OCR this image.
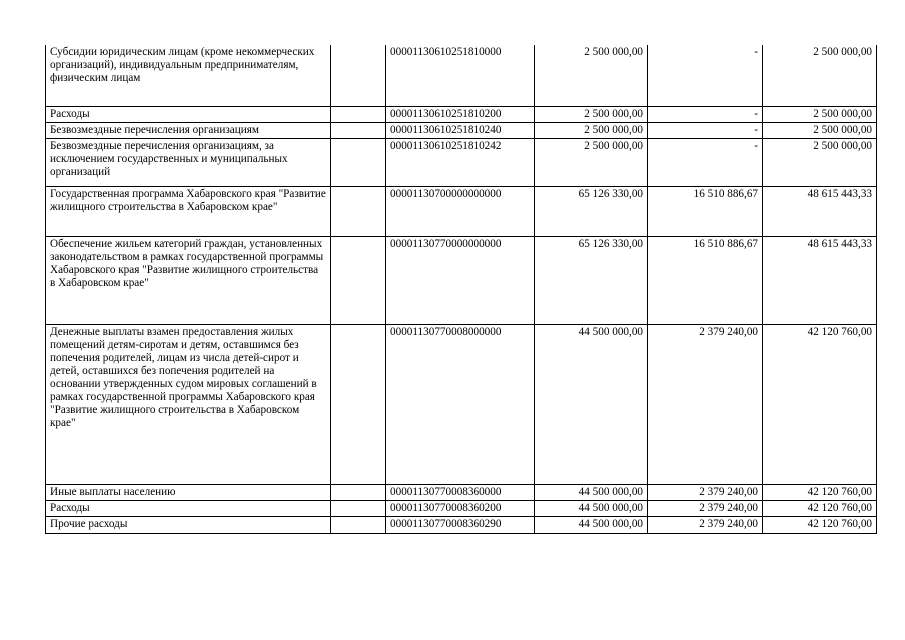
Субсидии юридическим лицам (кроме некоммерческих организаций), индивидуальным предпринимателям, физическим лицам		00001130610251810000	2 500 000,00	-	2 500 000,00
Расходы		00001130610251810200	2 500 000,00	-	2 500 000,00
Безвозмездные перечисления организациям		00001130610251810240	2 500 000,00	-	2 500 000,00
Безвозмездные перечисления организациям, за исключением государственных и муниципальных организаций		00001130610251810242	2 500 000,00	-	2 500 000,00
Государственная программа Хабаровского края "Развитие жилищного строительства в Хабаровском крае"		00001130700000000000	65 126 330,00	16 510 886,67	48 615 443,33
Обеспечение жильем категорий граждан, установленных законодательством в рамках государственной программы Хабаровского края "Развитие жилищного строительства в Хабаровском крае"		00001130770000000000	65 126 330,00	16 510 886,67	48 615 443,33
Денежные выплаты взамен предоставления жилых помещений детям-сиротам и детям, оставшимся без попечения родителей, лицам из числа детей-сирот и детей, оставшихся без попечения родителей на основании утвержденных судом мировых соглашений в рамках государственной программы Хабаровского края "Развитие жилищного строительства в Хабаровском крае"		00001130770008000000	44 500 000,00	2 379 240,00	42 120 760,00
Иные выплаты населению		00001130770008360000	44 500 000,00	2 379 240,00	42 120 760,00
Расходы		00001130770008360200	44 500 000,00	2 379 240,00	42 120 760,00
Прочие расходы		00001130770008360290	44 500 000,00	2 379 240,00	42 120 760,00
